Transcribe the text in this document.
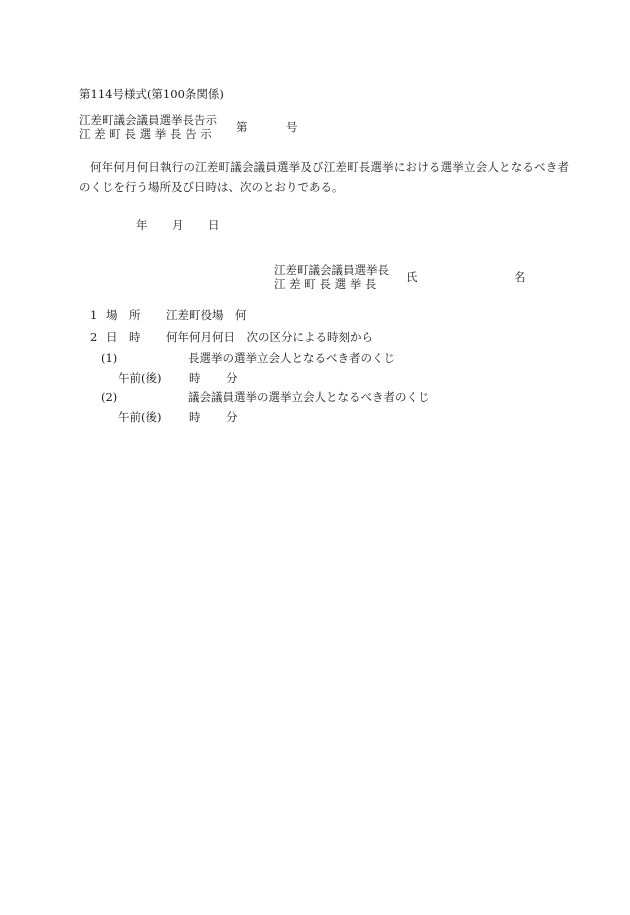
第114号様式(第100条関係)
江差町議会議員選挙長告示
江 差 町 長 選 挙 長 告 示 第	号
何年何月何日執行の江差町議会議員選挙及び江差町長選挙における選挙立会人となるべき者のくじを行う場所及び日時は、次のとおりである。
年 月 日
江差町議会議員選挙長
江 差 町 長 選 挙 長	氏	名
1 場　所 江差町役場　何
2 日　時 何年何月何日　次の区分による時刻から
(1)	長選挙の選挙立会人となるべき者のくじ
午前(後) 時 分
(2)	議会議員選挙の選挙立会人となるべき者のくじ
午前(後) 時 分
